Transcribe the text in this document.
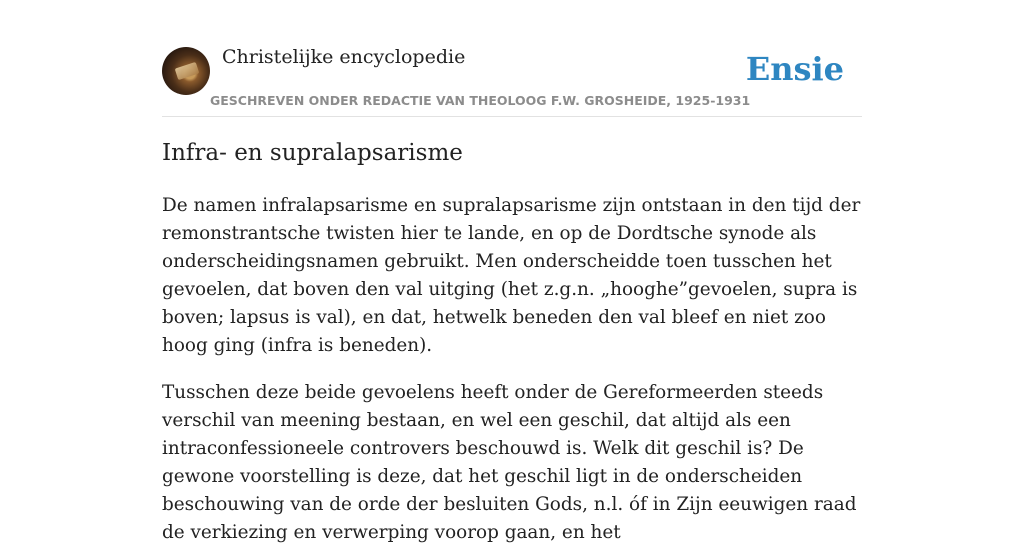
Christelijke encyclopedie
GESCHREVEN ONDER REDACTIE VAN THEOLOOG F.W. GROSHEIDE, 1925-1931
Ensie
Infra- en supralapsarisme

De namen infralapsarisme en supralapsarisme zijn ontstaan in den tijd der remonstrantsche twisten hier te lande, en op de Dordtsche synode als onderscheidingsnamen gebruikt. Men onderscheidde toen tusschen het gevoelen, dat boven den val uitging (het z.g.n. „hooghe”gevoelen, supra is boven; lapsus is val), en dat, hetwelk beneden den val bleef en niet zoo hoog ging (infra is beneden).

Tusschen deze beide gevoelens heeft onder de Gereformeerden steeds verschil van meening bestaan, en wel een geschil, dat altijd als een intraconfessioneele controvers beschouwd is. Welk dit geschil is? De gewone voorstelling is deze, dat het geschil ligt in de onderscheiden beschouwing van de orde der besluiten Gods, n.l. óf in Zijn eeuwigen raad de verkiezing en verwerping voorop gaan, en het
